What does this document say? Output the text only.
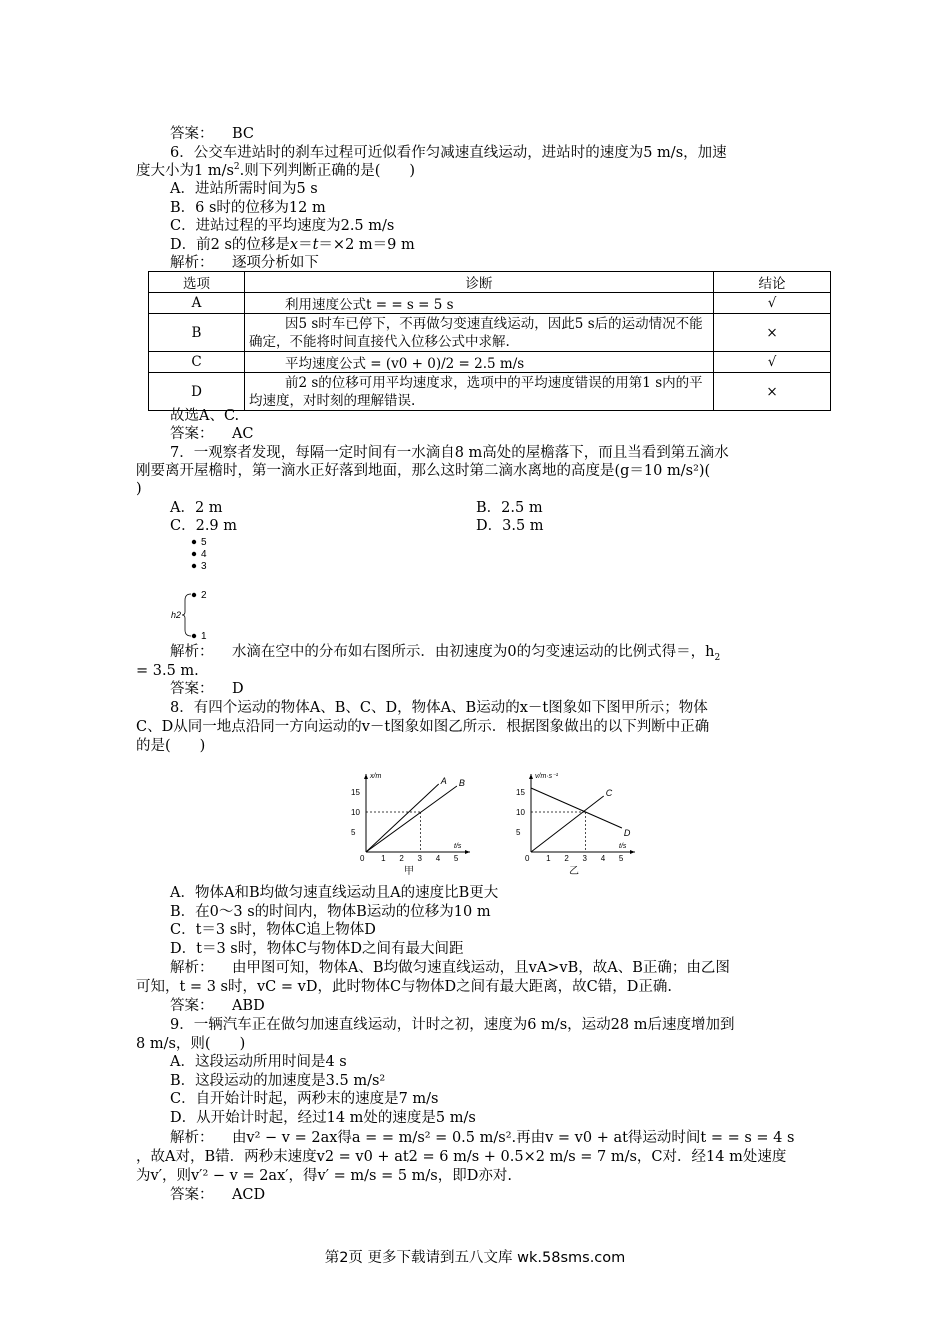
答案： BC
6．公交车进站时的刹车过程可近似看作匀减速直线运动，进站时的速度为5 m/s，加速
度大小为1 $m/s^2$.则下列判断正确的是(　　)
A．进站所需时间为5 s
B．6 s时的位移为12 m
C．进站过程的平均速度为2.5 m/s
D．前2 s的位移是x＝t＝×2 m＝9 m
解析： 逐项分析如下
选项	诊断	结论
A	利用速度公式t = = s = 5 s	√
B	因5 s时车已停下，不再做匀变速直线运动，因此5 s后的运动情况不能确定，不能将时间直接代入位移公式中求解.	×
C	平均速度公式 = (v0 + 0)/2 = 2.5 m/s	√
D	前2 s的位移可用平均速度求，选项中的平均速度错误的用第1 s内的平均速度，对时刻的理解错误.	×
故选A、C.
答案： AC
7．一观察者发现，每隔一定时间有一水滴自8 m高处的屋檐落下，而且当看到第五滴水
刚要离开屋檐时，第一滴水正好落到地面，那么这时第二滴水离地的高度是(g＝10 m/s²)(
)
A．2 m	B．2.5 m
C．2.9 m	D．3.5 m
5
4
3
2
1
h2
解析： 水滴在空中的分布如右图所示．由初速度为0的匀变速运动的比例式得＝，$h_2$
= 3.5 m.
答案： D
8．有四个运动的物体A、B、C、D，物体A、B运动的x－t图象如下图甲所示；物体
C、D从同一地点沿同一方向运动的v－t图象如图乙所示．根据图象做出的以下判断中正确
的是(　　)
0 1 2 3 4 5
5
10
15
x/m
t/s
A B
甲
0 1 2 3 4 5
5
10
15
v/m·s⁻¹
t/s
C
D
乙
A．物体A和B均做匀速直线运动且A的速度比B更大
B．在0～3 s的时间内，物体B运动的位移为10 m
C．t＝3 s时，物体C追上物体D
D．t＝3 s时，物体C与物体D之间有最大间距
解析： 由甲图可知，物体A、B均做匀速直线运动，且vA>vB，故A、B正确；由乙图
可知，t = 3 s时，vC = vD，此时物体C与物体D之间有最大距离，故C错，D正确.
答案： ABD
9．一辆汽车正在做匀加速直线运动，计时之初，速度为6 m/s，运动28 m后速度增加到
8 m/s，则(　　)
A．这段运动所用时间是4 s
B．这段运动的加速度是3.5 m/s²
C．自开始计时起，两秒末的速度是7 m/s
D．从开始计时起，经过14 m处的速度是5 m/s
解析： 由v² − v = 2ax得a = = m/s² = 0.5 m/s².再由v = v0 + at得运动时间t = = s = 4 s
，故A对，B错．两秒末速度v2 = v0 + at2 = 6 m/s + 0.5×2 m/s = 7 m/s，C对．经14 m处速度
为v′，则v′² − v = 2ax′，得v′ = m/s = 5 m/s，即D亦对.
答案： ACD
第2页 更多下载请到五八文库 wk.58sms.com
